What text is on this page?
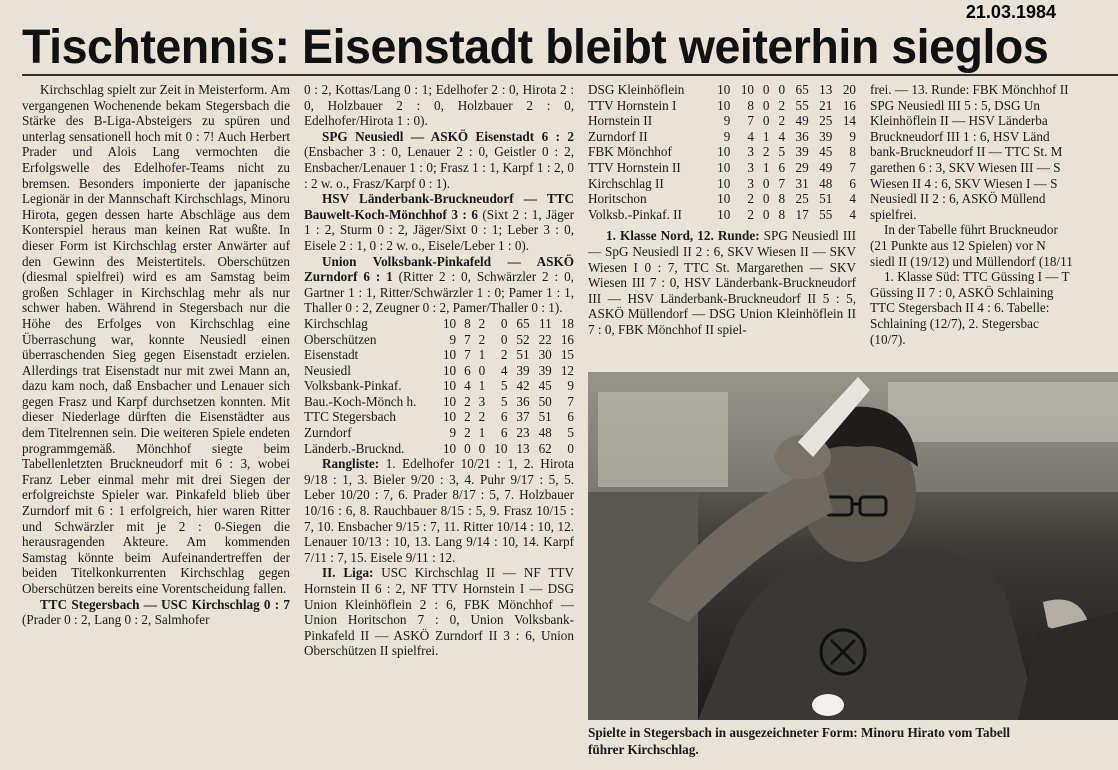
21.03.1984
Tischtennis: Eisenstadt bleibt weiterhin sieglos

Kirchschlag spielt zur Zeit in Meisterform. Am vergangenen Wochenende bekam Stegersbach die Stärke des B-Liga-Absteigers zu spüren und unterlag sensationell hoch mit 0 : 7! Auch Herbert Prader und Alois Lang vermochten die Erfolgswelle des Edelhofer-Teams nicht zu bremsen. Besonders imponierte der japanische Legionär in der Mannschaft Kirchschlags, Minoru Hirota, gegen dessen harte Abschläge aus dem Konterspiel heraus man keinen Rat wußte. In dieser Form ist Kirchschlag erster Anwärter auf den Gewinn des Meistertitels. Oberschützen (diesmal spielfrei) wird es am Samstag beim großen Schlager in Kirchschlag mehr als nur schwer haben. Während in Stegersbach nur die Höhe des Erfolges von Kirchschlag eine Überraschung war, konnte Neusiedl einen überraschenden Sieg gegen Eisenstadt erzielen. Allerdings trat Eisenstadt nur mit zwei Mann an, dazu kam noch, daß Ensbacher und Lenauer sich gegen Frasz und Karpf durchsetzen konnten. Mit dieser Niederlage dürften die Eisenstädter aus dem Titelrennen sein. Die weiteren Spiele endeten programmgemäß. Mönchhof siegte beim Tabellenletzten Bruckneudorf mit 6 : 3, wobei Franz Leber einmal mehr mit drei Siegen der erfolgreichste Spieler war. Pinkafeld blieb über Zurndorf mit 6 : 1 erfolgreich, hier waren Ritter und Schwärzler mit je 2 : 0-Siegen die herausragenden Akteure. Am kommenden Samstag könnte beim Aufeinandertreffen der beiden Titelkonkurrenten Kirchschlag gegen Oberschützen bereits eine Vorentscheidung fallen.

TTC Stegersbach — USC Kirchschlag 0 : 7 (Prader 0 : 2, Lang 0 : 2, Salmhofer

0 : 2, Kottas/Lang 0 : 1; Edelhofer 2 : 0, Hirota 2 : 0, Holzbauer 2 : 0, Holzbauer 2 : 0, Edelhofer/Hirota 1 : 0).

SPG Neusiedl — ASKÖ Eisenstadt 6 : 2 (Ensbacher 3 : 0, Lenauer 2 : 0, Geistler 0 : 2, Ensbacher/Lenauer 1 : 0; Frasz 1 : 1, Karpf 1 : 2, 0 : 2 w. o., Frasz/Karpf 0 : 1).

HSV Länderbank-Bruckneudorf — TTC Bauwelt-Koch-Mönchhof 3 : 6 (Sixt 2 : 1, Jäger 1 : 2, Sturm 0 : 2, Jäger/Sixt 0 : 1; Leber 3 : 0, Eisele 2 : 1, 0 : 2 w. o., Eisele/Leber 1 : 0).

Union Volksbank-Pinkafeld — ASKÖ Zurndorf 6 : 1 (Ritter 2 : 0, Schwärzler 2 : 0, Gartner 1 : 1, Ritter/Schwärzler 1 : 0; Pamer 1 : 1, Thaller 0 : 2, Zeugner 0 : 2, Pamer/Thaller 0 : 1).

Kirchschlag	10	8	2	0	65	11	18
Oberschützen	9	7	2	0	52	22	16
Eisenstadt	10	7	1	2	51	30	15
Neusiedl	10	6	0	4	39	39	12
Volksbank-Pinkaf.	10	4	1	5	42	45	9
Bau.-Koch-Mönch h.	10	2	3	5	36	50	7
TTC Stegersbach	10	2	2	6	37	51	6
Zurndorf	9	2	1	6	23	48	5
Länderb.-Brucknd.	10	0	0	10	13	62	0

Rangliste: 1. Edelhofer 10/21 : 1, 2. Hirota 9/18 : 1, 3. Bieler 9/20 : 3, 4. Puhr 9/17 : 5, 5. Leber 10/20 : 7, 6. Prader 8/17 : 5, 7. Holzbauer 10/16 : 6, 8. Rauchbauer 8/15 : 5, 9. Frasz 10/15 : 7, 10. Ensbacher 9/15 : 7, 11. Ritter 10/14 : 10, 12. Lenauer 10/13 : 10, 13. Lang 9/14 : 10, 14. Karpf 7/11 : 7, 15. Eisele 9/11 : 12.

II. Liga: USC Kirchschlag II — NF TTV Hornstein II 6 : 2, NF TTV Hornstein I — DSG Union Kleinhöflein 2 : 6, FBK Mönchhof — Union Horitschon 7 : 0, Union Volksbank-Pinkafeld II — ASKÖ Zurndorf II 3 : 6, Union Oberschützen II spielfrei.

DSG Kleinhöflein	10	10	0	0	65	13	20
TTV Hornstein I	10	8	0	2	55	21	16
Hornstein II	9	7	0	2	49	25	14
Zurndorf II	9	4	1	4	36	39	9
FBK Mönchhof	10	3	2	5	39	45	8
TTV Hornstein II	10	3	1	6	29	49	7
Kirchschlag II	10	3	0	7	31	48	6
Horitschon	10	2	0	8	25	51	4
Volksb.-Pinkaf. II	10	2	0	8	17	55	4

1. Klasse Nord, 12. Runde: SPG Neusiedl III — SpG Neusiedl II 2 : 6, SKV Wiesen II — SKV Wiesen I 0 : 7, TTC St. Margarethen — SKV Wiesen III 7 : 0, HSV Länderbank-Bruckneudorf III — HSV Länderbank-Bruckneudorf II 5 : 5, ASKÖ Müllendorf — DSG Union Kleinhöflein II 7 : 0, FBK Mönchhof II spiel-

frei. — 13. Runde: FBK Mönchhof II
SPG Neusiedl III 5 : 5, DSG Un
Kleinhöflein II — HSV Länderba
Bruckneudorf III 1 : 6, HSV Länd
bank-Bruckneudorf II — TTC St. M
garethen 6 : 3, SKV Wiesen III — S
Wiesen II 4 : 6, SKV Wiesen I — S
Neusiedl II 2 : 6, ASKÖ Müllend
spielfrei.
In der Tabelle führt Bruckneudor
(21 Punkte aus 12 Spielen) vor N
siedl II (19/12) und Müllendorf (18/11
1. Klasse Süd: TTC Güssing I — T
Güssing II 7 : 0, ASKÖ Schlaining
TTC Stegersbach II 4 : 6. Tabelle:
Schlaining (12/7), 2. Stegersbac
(10/7).
Spielte in Stegersbach in ausgezeichneter Form: Minoru Hirato vom Tabell
führer Kirchschlag.
